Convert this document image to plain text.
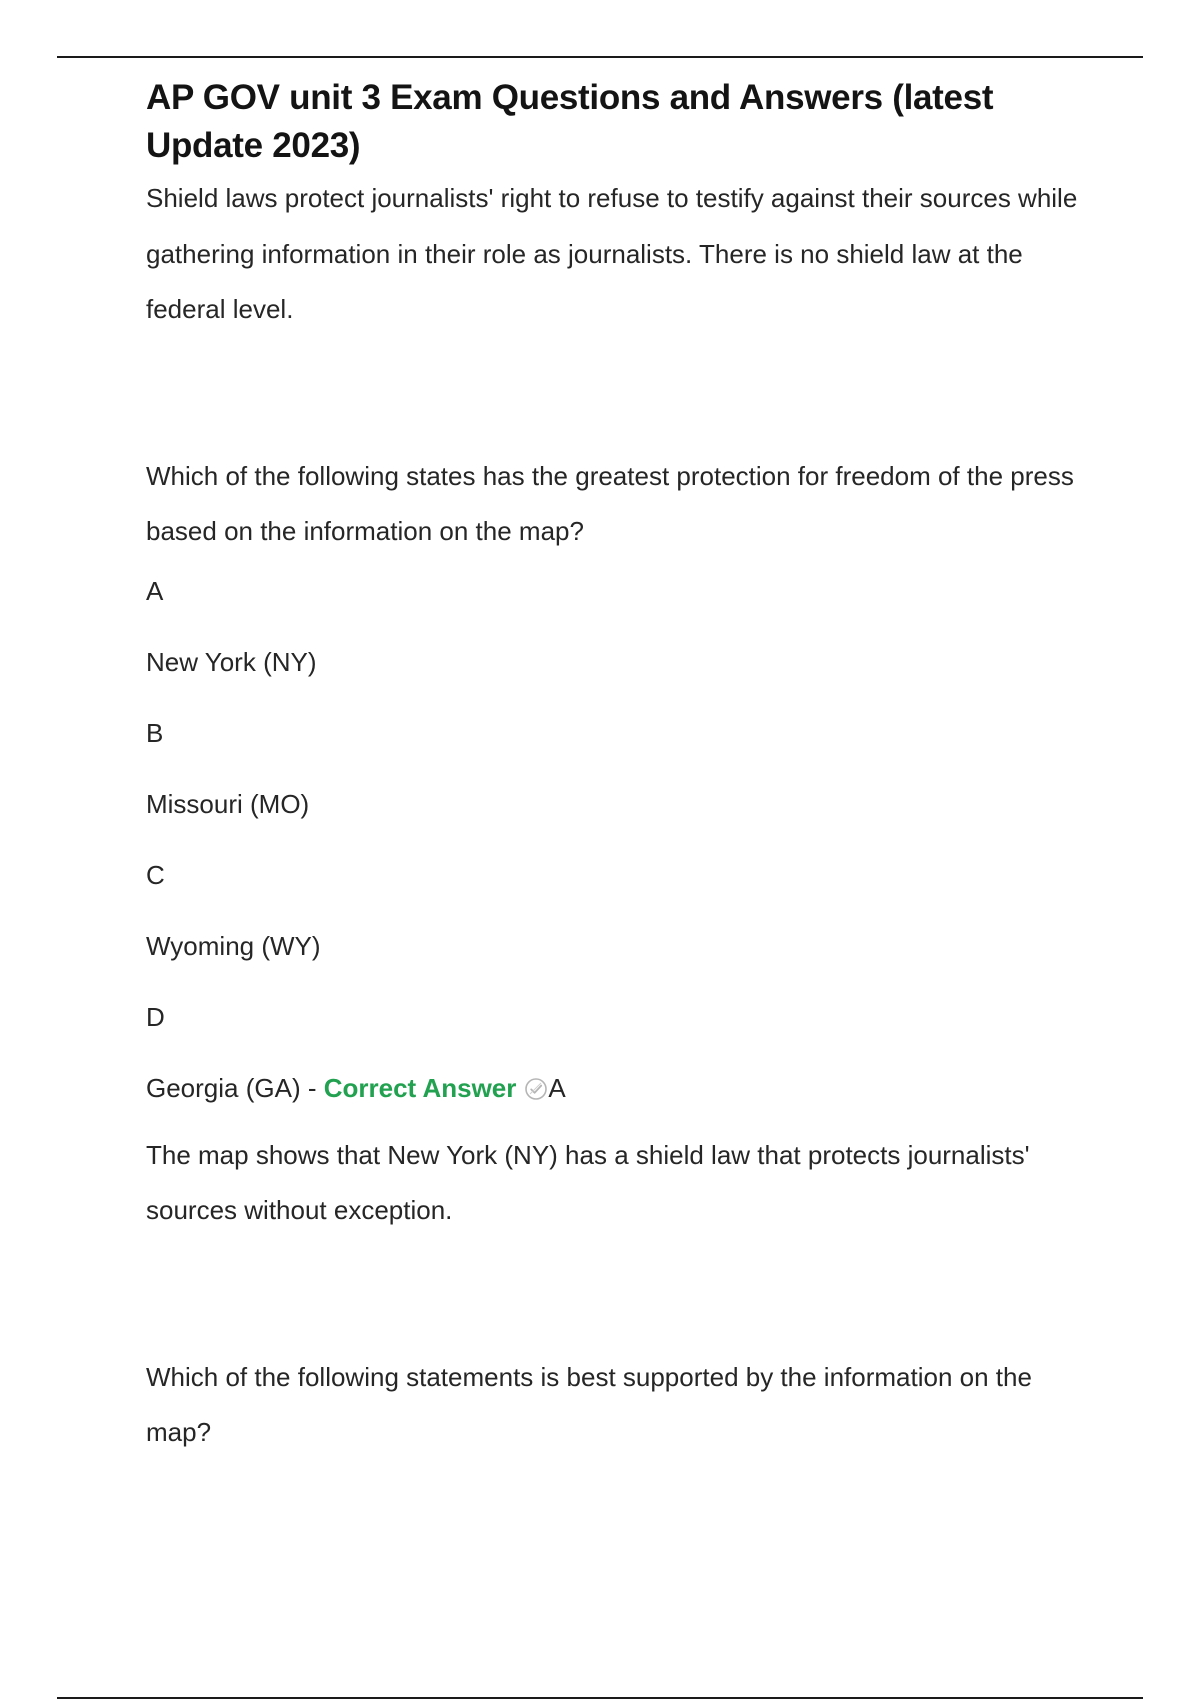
AP GOV unit 3 Exam Questions and Answers (latest Update 2023)

Shield laws protect journalists' right to refuse to testify against their sources while gathering information in their role as journalists. There is no shield law at the federal level.

Which of the following states has the greatest protection for freedom of the press based on the information on the map?

A

New York (NY)

B

Missouri (MO)

C

Wyoming (WY)

D

Georgia (GA) - Correct Answer A

The map shows that New York (NY) has a shield law that protects journalists' sources without exception.

Which of the following statements is best supported by the information on the map?
